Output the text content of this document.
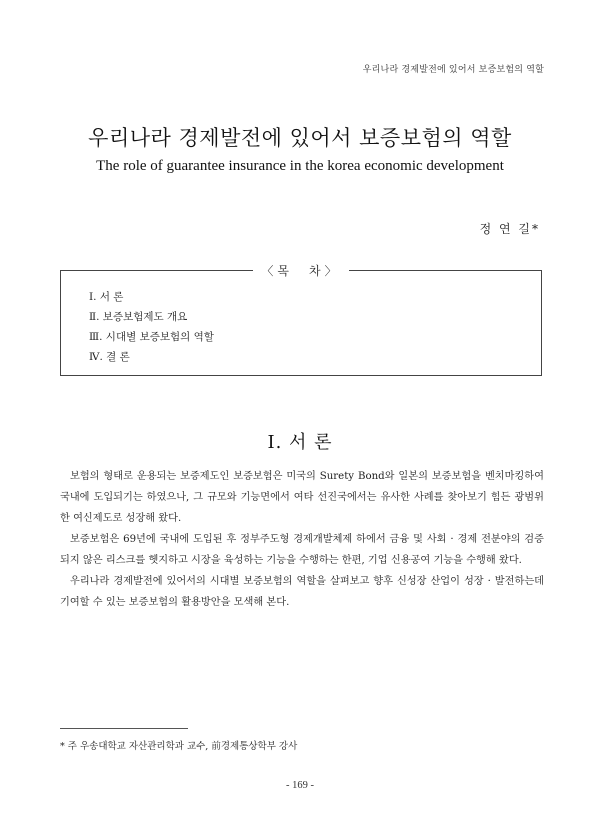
우리나라 경제발전에 있어서 보증보험의 역할
우리나라 경제발전에 있어서 보증보험의 역할
The role of guarantee insurance in the korea economic development
정 연 길*
〈목　차〉
Ⅰ. 서 론
Ⅱ. 보증보험제도 개요
Ⅲ. 시대별 보증보험의 역할
Ⅳ. 결 론
Ⅰ. 서 론

보험의 형태로 운용되는 보증제도인 보증보험은 미국의 Surety Bond와 일본의 보증보험을 벤치마킹하여 국내에 도입되기는 하였으나, 그 규모와 기능면에서 여타 선진국에서는 유사한 사례를 찾아보기 힘든 광범위한 여신제도로 성장해 왔다.

보증보험은 69년에 국내에 도입된 후 정부주도형 경제개발체제 하에서 금융 및 사회 · 경제 전분야의 검증되지 않은 리스크를 헷지하고 시장을 육성하는 기능을 수행하는 한편, 기업 신용공여 기능을 수행해 왔다.

우리나라 경제발전에 있어서의 시대별 보증보험의 역할을 살펴보고 향후 신성장 산업이 성장 · 발전하는데 기여할 수 있는 보증보험의 활용방안을 모색해 본다.

* 주 우송대학교 자산관리학과 교수, 前경제통상학부 강사
- 169 -
